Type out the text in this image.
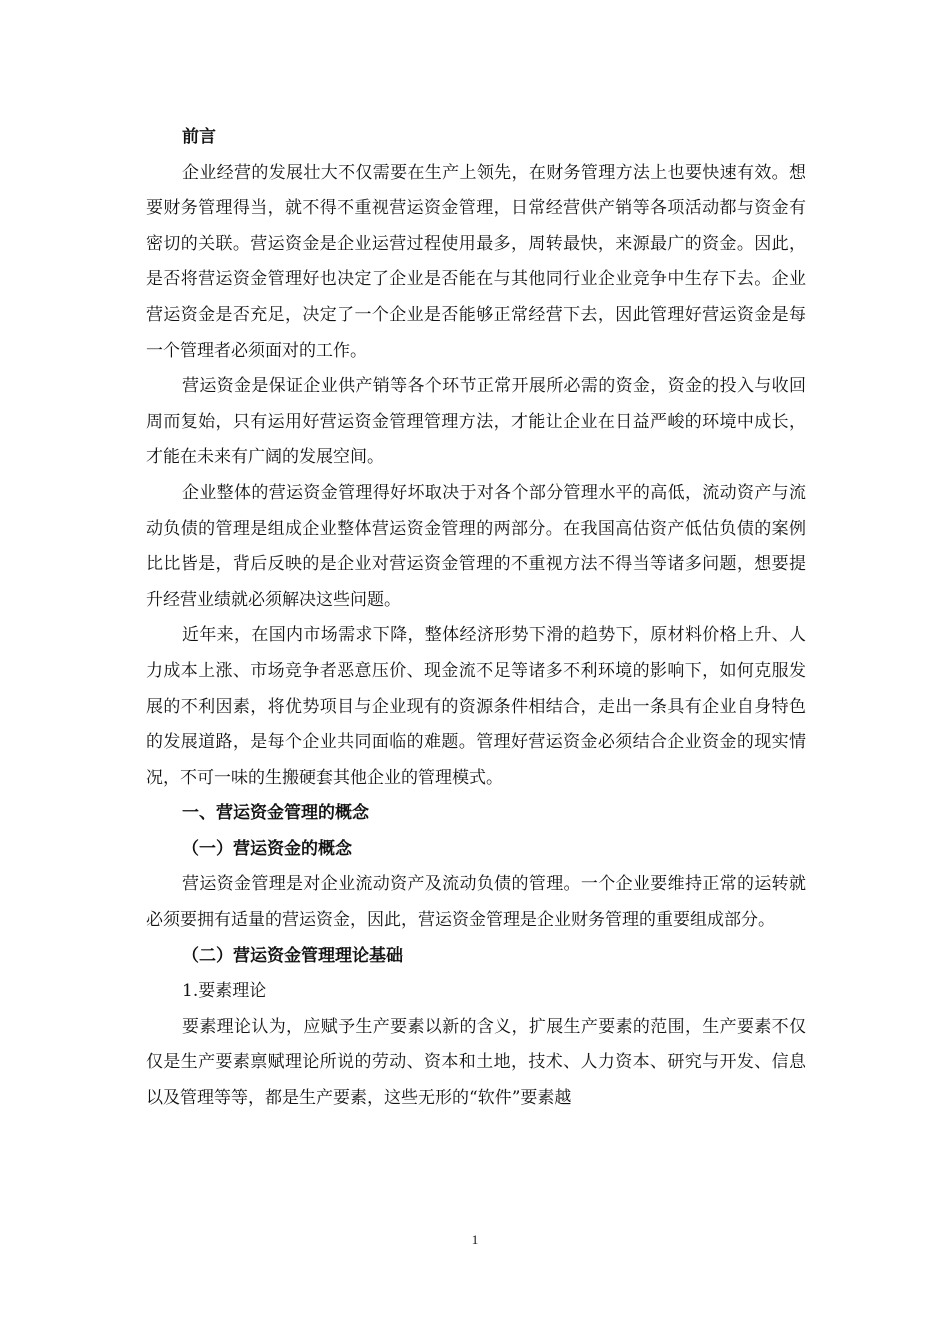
前言

企业经营的发展壮大不仅需要在生产上领先，在财务管理方法上也要快速有效。想要财务管理得当，就不得不重视营运资金管理，日常经营供产销等各项活动都与资金有密切的关联。营运资金是企业运营过程使用最多，周转最快，来源最广的资金。因此，是否将营运资金管理好也决定了企业是否能在与其他同行业企业竞争中生存下去。企业营运资金是否充足，决定了一个企业是否能够正常经营下去，因此管理好营运资金是每一个管理者必须面对的工作。

营运资金是保证企业供产销等各个环节正常开展所必需的资金，资金的投入与收回周而复始，只有运用好营运资金管理管理方法，才能让企业在日益严峻的环境中成长，才能在未来有广阔的发展空间。

企业整体的营运资金管理得好坏取决于对各个部分管理水平的高低，流动资产与流动负债的管理是组成企业整体营运资金管理的两部分。在我国高估资产低估负债的案例比比皆是，背后反映的是企业对营运资金管理的不重视方法不得当等诸多问题，想要提升经营业绩就必须解决这些问题。

近年来，在国内市场需求下降，整体经济形势下滑的趋势下，原材料价格上升、人力成本上涨、市场竞争者恶意压价、现金流不足等诸多不利环境的影响下，如何克服发展的不利因素，将优势项目与企业现有的资源条件相结合，走出一条具有企业自身特色的发展道路，是每个企业共同面临的难题。管理好营运资金必须结合企业资金的现实情况，不可一味的生搬硬套其他企业的管理模式。

一、营运资金管理的概念

（一）营运资金的概念

营运资金管理是对企业流动资产及流动负债的管理。一个企业要维持正常的运转就必须要拥有适量的营运资金，因此，营运资金管理是企业财务管理的重要组成部分。

（二）营运资金管理理论基础

1.要素理论

要素理论认为，应赋予生产要素以新的含义，扩展生产要素的范围，生产要素不仅仅是生产要素禀赋理论所说的劳动、资本和土地，技术、人力资本、研究与开发、信息以及管理等等，都是生产要素，这些无形的“软件”要素越

1
